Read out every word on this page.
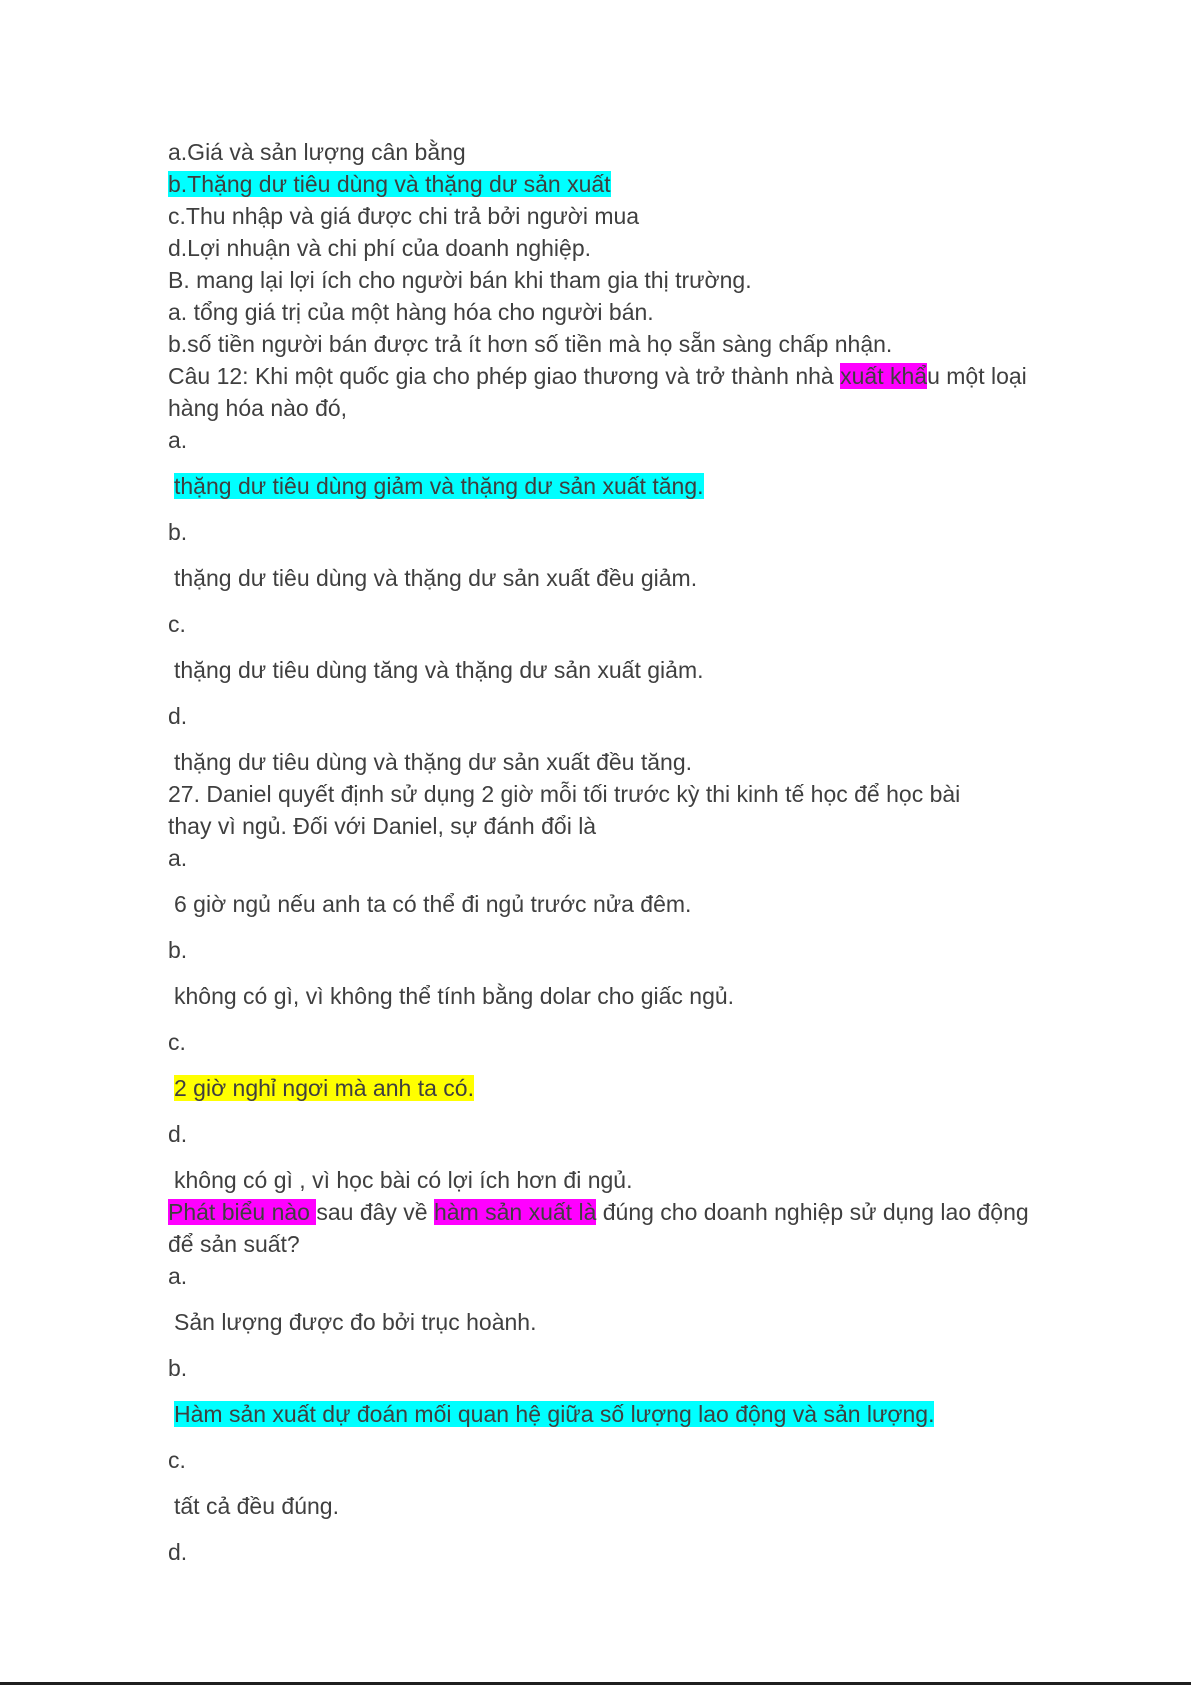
a.Giá và sản lượng cân bằng

b.Thặng dư tiêu dùng và thặng dư sản xuất

c.Thu nhập và giá được chi trả bởi người mua

d.Lợi nhuận và chi phí của doanh nghiệp.

B. mang lại lợi ích cho người bán khi tham gia thị trường.

a. tổng giá trị của một hàng hóa cho người bán.

b.số tiền người bán được trả ít hơn số tiền mà họ sẵn sàng chấp nhận.

Câu 12: Khi một quốc gia cho phép giao thương và trở thành nhà xuất khẩu một loại hàng hóa nào đó,

a.

thặng dư tiêu dùng giảm và thặng dư sản xuất tăng.

b.

thặng dư tiêu dùng và thặng dư sản xuất đều giảm.

c.

thặng dư tiêu dùng tăng và thặng dư sản xuất giảm.

d.

thặng dư tiêu dùng và thặng dư sản xuất đều tăng.

27. Daniel quyết định sử dụng 2 giờ mỗi tối trước kỳ thi kinh tế học để học bài

thay vì ngủ. Đối với Daniel, sự đánh đổi là

a.

6 giờ ngủ nếu anh ta có thể đi ngủ trước nửa đêm.

b.

không có gì, vì không thể tính bằng dolar cho giấc ngủ.

c.

2 giờ nghỉ ngơi mà anh ta có.

d.

không có gì , vì học bài có lợi ích hơn đi ngủ.

Phát biểu nào sau đây về hàm sản xuất là đúng cho doanh nghiệp sử dụng lao động để sản suất?

a.

Sản lượng được đo bởi trục hoành.

b.

Hàm sản xuất dự đoán mối quan hệ giữa số lượng lao động và sản lượng.

c.

tất cả đều đúng.

d.
